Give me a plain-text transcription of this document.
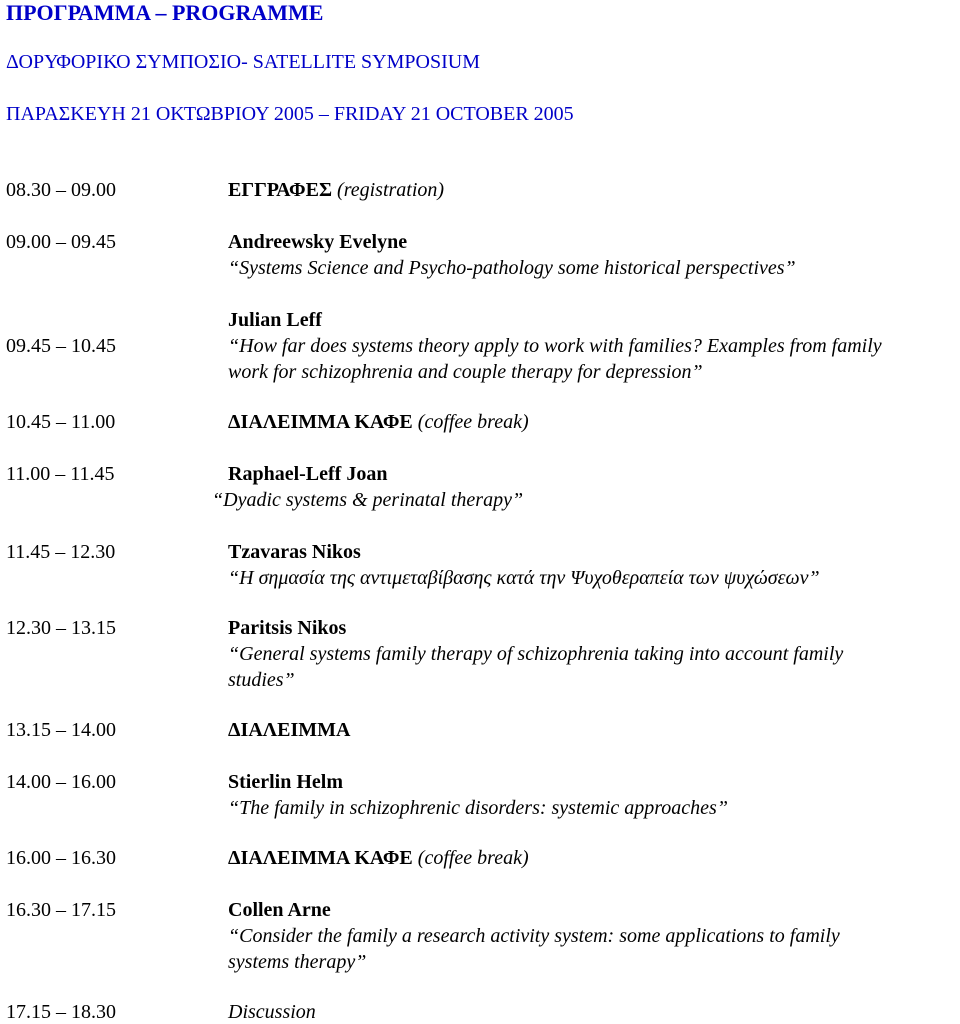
ΠΡΟΓΡΑΜΜΑ – PROGRAMME
ΔΟΡΥΦΟΡΙΚΟ ΣΥΜΠΟΣΙΟ- SATELLITE SYMPOSIUM
ΠΑΡΑΣΚΕΥΗ 21 ΟΚΤΩΒΡΙΟΥ 2005 – FRIDAY 21 OCTOBER 2005
08.30 – 09.00	ΕΓΓΡΑΦΕΣ (registration)
09.00 – 09.45	Andreewsky Evelyne
“Systems Science and Psycho-pathology some historical perspectives”
Julian Leff
09.45 – 10.45	“How far does systems theory apply to work with families? Examples from family
work for schizophrenia and couple therapy for depression”
10.45 – 11.00	ΔΙΑΛΕΙΜΜΑ ΚΑΦΕ (coffee break)
11.00 – 11.45	Raphael-Leff Joan
“Dyadic systems & perinatal therapy”
11.45 – 12.30	Tzavaras Nikos
“Η σημασία της αντιμεταβίβασης κατά την Ψυχοθεραπεία των ψυχώσεων”
12.30 – 13.15	Paritsis Nikos
“General systems family therapy of schizophrenia taking into account family
studies”
13.15 – 14.00	ΔΙΑΛΕΙΜΜΑ
14.00 – 16.00	Stierlin Helm
“The family in schizophrenic disorders: systemic approaches”
16.00 – 16.30	ΔΙΑΛΕΙΜΜΑ ΚΑΦΕ (coffee break)
16.30 – 17.15	Collen Arne
“Consider the family a research activity system: some applications to family
systems therapy”
17.15 – 18.30	Discussion
